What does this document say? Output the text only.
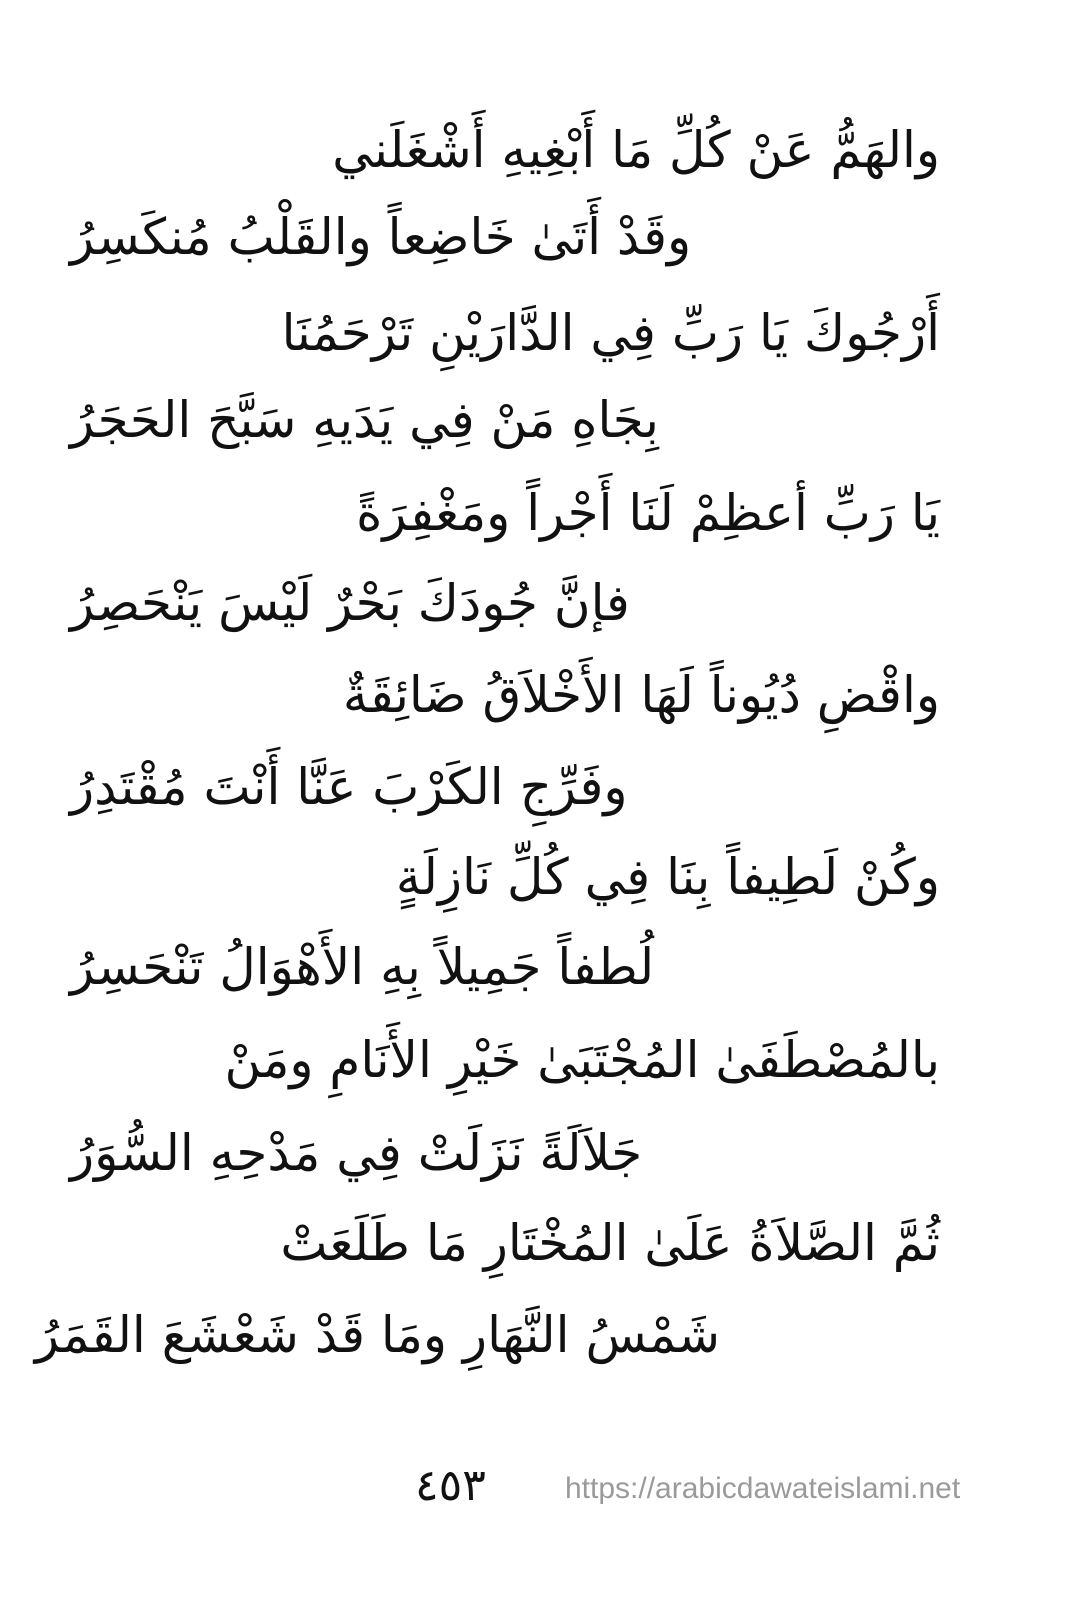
والهَمُّ عَنْ كُلِّ مَا أَبْغِيهِ أَشْغَلَني
وقَدْ أَتَىٰ خَاضِعاً والقَلْبُ مُنكَسِرُ
أَرْجُوكَ يَا رَبِّ فِي الدَّارَيْنِ تَرْحَمُنَا
بِجَاهِ مَنْ فِي يَدَيهِ سَبَّحَ الحَجَرُ
يَا رَبِّ أعظِمْ لَنَا أَجْراً ومَغْفِرَةً
فإنَّ جُودَكَ بَحْرٌ لَيْسَ يَنْحَصِرُ
واقْضِ دُيُوناً لَهَا الأَخْلاَقُ ضَائِقَةٌ
وفَرِّجِ الكَرْبَ عَنَّا أَنْتَ مُقْتَدِرُ
وكُنْ لَطِيفاً بِنَا فِي كُلِّ نَازِلَةٍ
لُطفاً جَمِيلاً بِهِ الأَهْوَالُ تَنْحَسِرُ
بالمُصْطَفَىٰ المُجْتَبَىٰ خَيْرِ الأَنَامِ ومَنْ
جَلاَلَةً نَزَلَتْ فِي مَدْحِهِ السُّوَرُ
ثُمَّ الصَّلاَةُ عَلَىٰ المُخْتَارِ مَا طَلَعَتْ
شَمْسُ النَّهَارِ ومَا قَدْ شَعْشَعَ القَمَرُ
٤٥٣	https://arabicdawateislami.net
